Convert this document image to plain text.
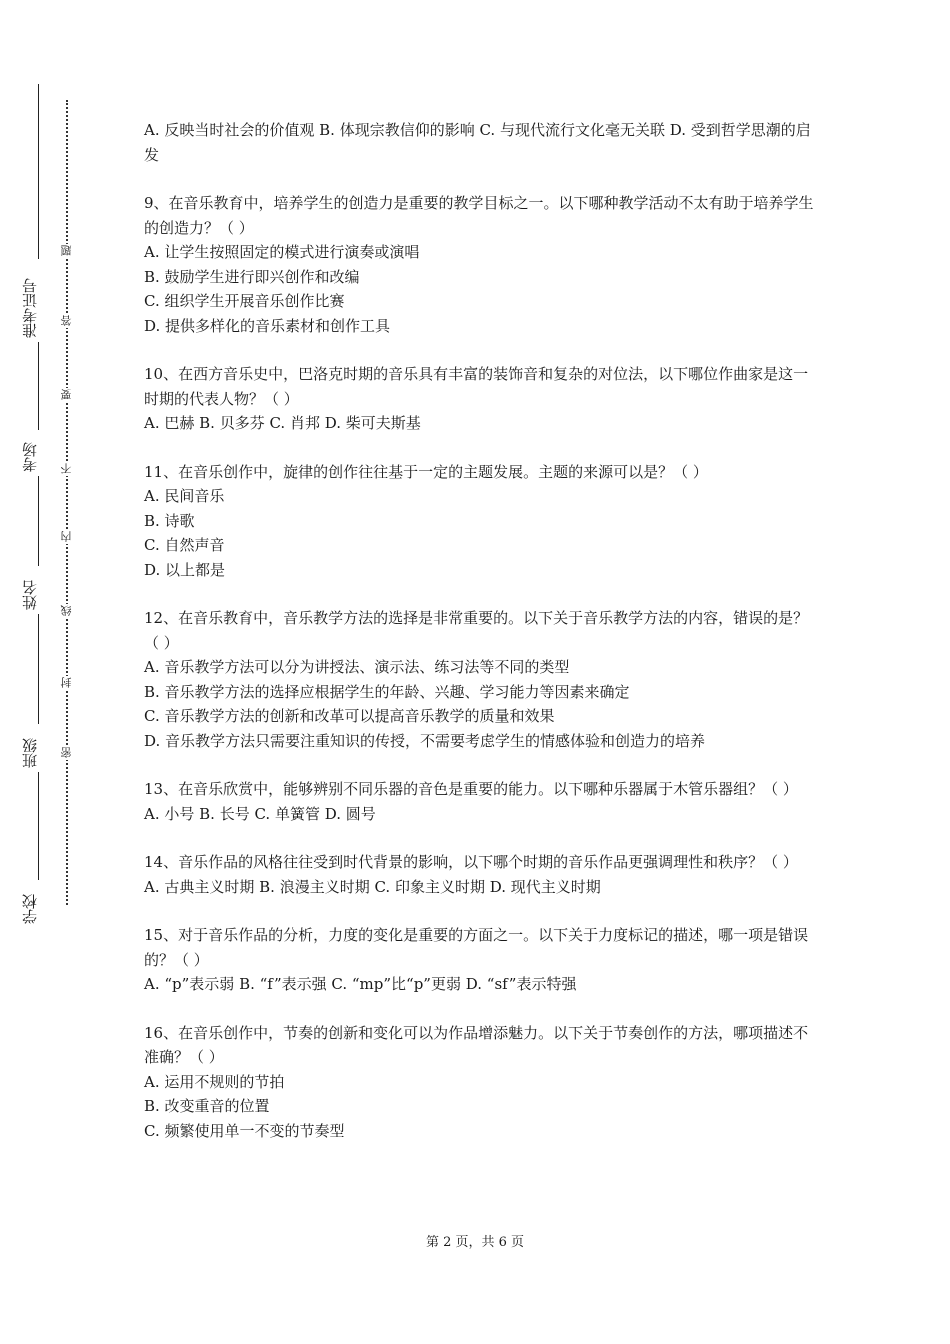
准考证号
考场
姓名
班级
学校
题
答
要
不
内
线
封
密

A. 反映当时社会的价值观 B. 体现宗教信仰的影响 C. 与现代流行文化毫无关联 D. 受到哲学思潮的启发

9、在音乐教育中，培养学生的创造力是重要的教学目标之一。以下哪种教学活动不太有助于培养学生的创造力？（ ）

A. 让学生按照固定的模式进行演奏或演唱

B. 鼓励学生进行即兴创作和改编

C. 组织学生开展音乐创作比赛

D. 提供多样化的音乐素材和创作工具

10、在西方音乐史中，巴洛克时期的音乐具有丰富的装饰音和复杂的对位法，以下哪位作曲家是这一时期的代表人物？（ ）

A. 巴赫 B. 贝多芬 C. 肖邦 D. 柴可夫斯基

11、在音乐创作中，旋律的创作往往基于一定的主题发展。主题的来源可以是？（ ）

A. 民间音乐

B. 诗歌

C. 自然声音

D. 以上都是

12、在音乐教育中，音乐教学方法的选择是非常重要的。以下关于音乐教学方法的内容，错误的是？（ ）

A. 音乐教学方法可以分为讲授法、演示法、练习法等不同的类型

B. 音乐教学方法的选择应根据学生的年龄、兴趣、学习能力等因素来确定

C. 音乐教学方法的创新和改革可以提高音乐教学的质量和效果

D. 音乐教学方法只需要注重知识的传授，不需要考虑学生的情感体验和创造力的培养

13、在音乐欣赏中，能够辨别不同乐器的音色是重要的能力。以下哪种乐器属于木管乐器组？（ ）

A. 小号 B. 长号 C. 单簧管 D. 圆号

14、音乐作品的风格往往受到时代背景的影响，以下哪个时期的音乐作品更强调理性和秩序？（ ）

A. 古典主义时期 B. 浪漫主义时期 C. 印象主义时期 D. 现代主义时期

15、对于音乐作品的分析，力度的变化是重要的方面之一。以下关于力度标记的描述，哪一项是错误的？（ ）

A. “p”表示弱 B. “f”表示强 C. “mp”比“p”更弱 D. “sf”表示特强

16、在音乐创作中，节奏的创新和变化可以为作品增添魅力。以下关于节奏创作的方法，哪项描述不准确？（ ）

A. 运用不规则的节拍

B. 改变重音的位置

C. 频繁使用单一不变的节奏型

第 2 页，共 6 页
